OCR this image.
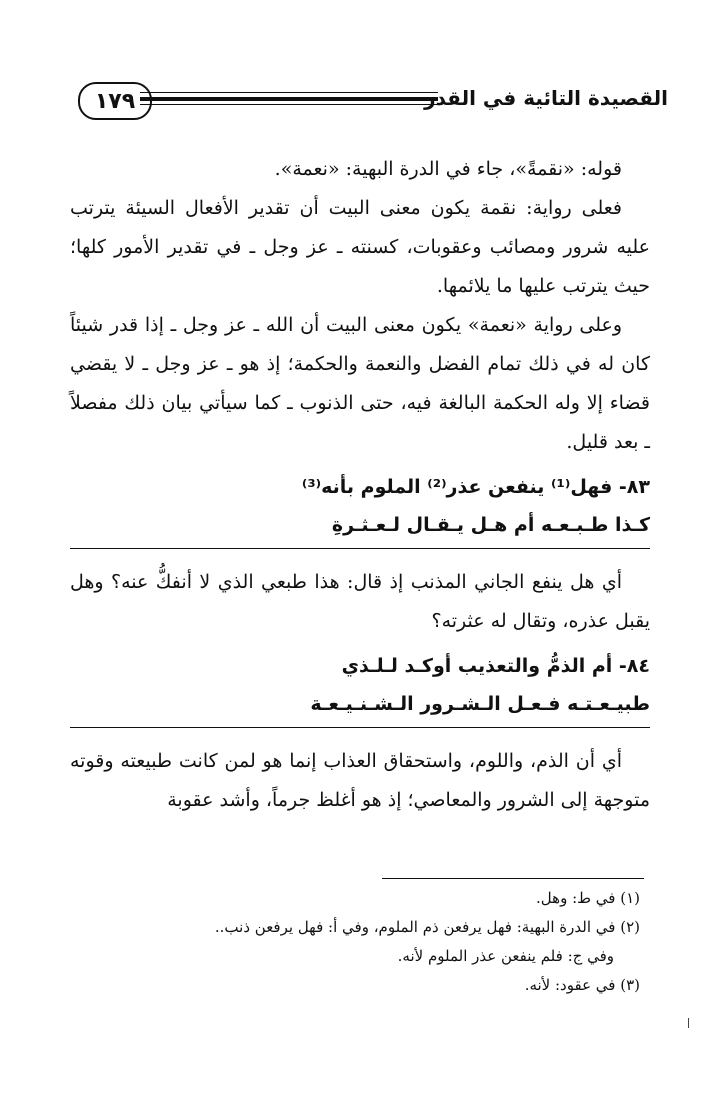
١٧٩	القصيدة التائية في القدر

قوله: «نقمةً»، جاء في الدرة البهية: «نعمة».

فعلى رواية: نقمة يكون معنى البيت أن تقدير الأفعال السيئة يترتب عليه شرور ومصائب وعقوبات، كسنته ـ عز وجل ـ في تقدير الأمور كلها؛ حيث يترتب عليها ما يلائمها.

وعلى رواية «نعمة» يكون معنى البيت أن الله ـ عز وجل ـ إذا قدر شيئاً كان له في ذلك تمام الفضل والنعمة والحكمة؛ إذ هو ـ عز وجل ـ لا يقضي قضاء إلا وله الحكمة البالغة فيه، حتى الذنوب ـ كما سيأتي بيان ذلك مفصلاً ـ بعد قليل.

٨٣- فهل⁽¹⁾ ينفعن عذر⁽²⁾ الملوم بأنه⁽³⁾
كـذا طـبـعـه أم هـل يـقـال لـعـثـرةِ

أي هل ينفع الجاني المذنب إذ قال: هذا طبعي الذي لا أنفكُّ عنه؟ وهل يقبل عذره، وتقال له عثرته؟

٨٤- أم الذمُّ والتعذيب أوكـد لـلـذي
طبيـعـتـه فـعـل الـشـرور الـشـنـيـعـة

أي أن الذم، واللوم، واستحقاق العذاب إنما هو لمن كانت طبيعته وقوته متوجهة إلى الشرور والمعاصي؛ إذ هو أغلظ جرماً، وأشد عقوبة

(١) في ط: وهل.
(٢) في الدرة البهية: فهل يرفعن ذم الملوم، وفي أ: فهل يرفعن ذنب..
وفي ج: فلم ينفعن عذر الملوم لأنه.
(٣) في عقود: لأنه.
